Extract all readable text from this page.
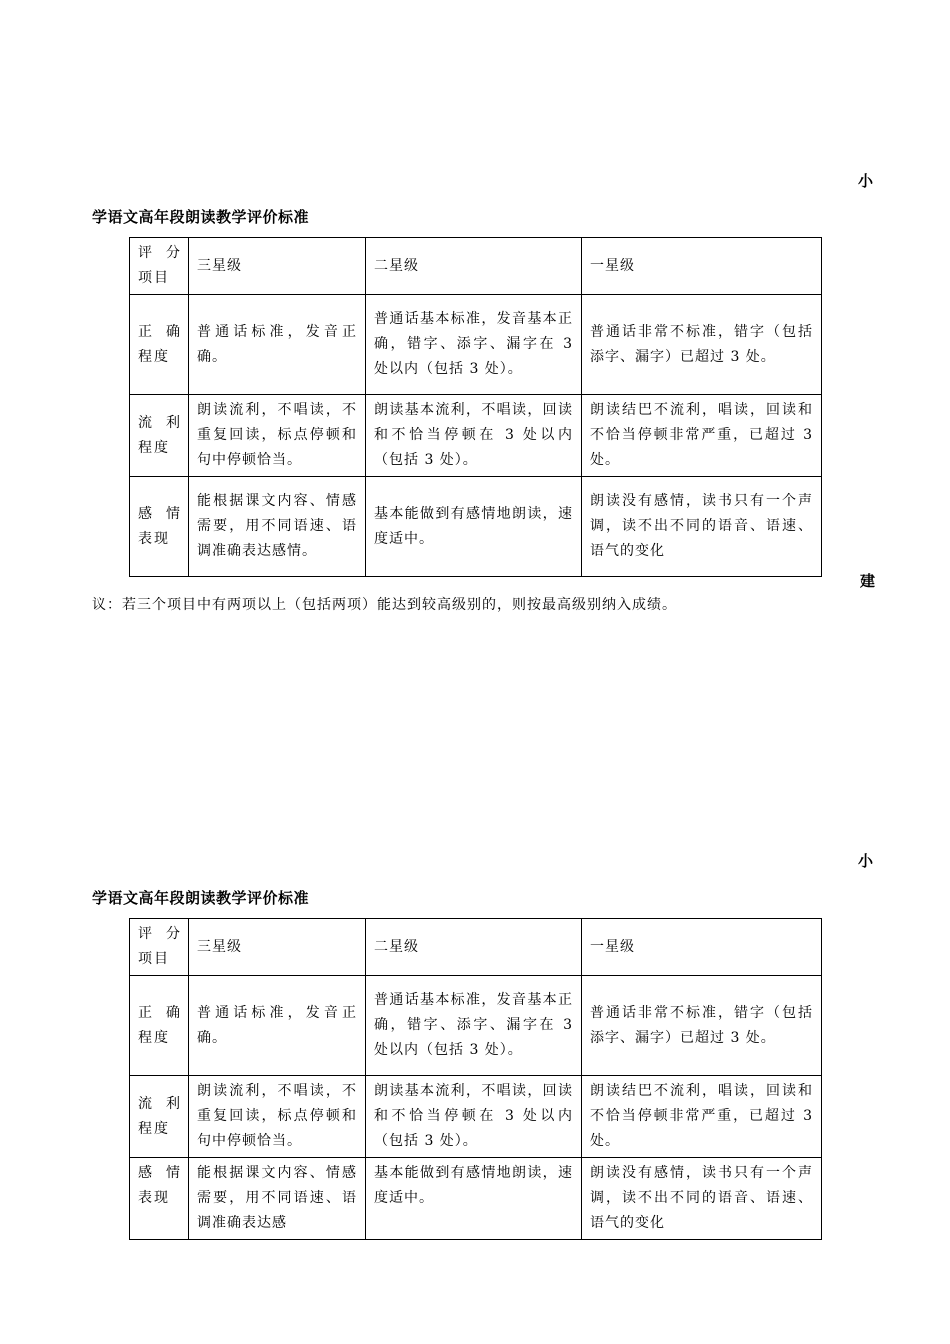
小
学语文高年段朗读教学评价标准
评 分 项目	三星级	二星级	一星级
正 确 程度	普通话标准，发音正确。	普通话基本标准，发音基本正确，错字、添字、漏字在 3 处以内（包括 3 处）。	普通话非常不标准，错字（包括添字、漏字）已超过 3 处。
流 利 程度	朗读流利，不唱读，不重复回读，标点停顿和句中停顿恰当。	朗读基本流利，不唱读，回读和不恰当停顿在 3 处以内（包括 3 处）。	朗读结巴不流利，唱读，回读和不恰当停顿非常严重，已超过 3 处。
感 情 表现	能根据课文内容、情感需要，用不同语速、语调准确表达感情。	基本能做到有感情地朗读，速度适中。	朗读没有感情，读书只有一个声调，读不出不同的语音、语速、语气的变化
建
议：若三个项目中有两项以上（包括两项）能达到较高级别的，则按最高级别纳入成绩。
小
学语文高年段朗读教学评价标准
评 分 项目	三星级	二星级	一星级
正 确 程度	普通话标准，发音正确。	普通话基本标准，发音基本正确，错字、添字、漏字在 3 处以内（包括 3 处）。	普通话非常不标准，错字（包括添字、漏字）已超过 3 处。
流 利 程度	朗读流利，不唱读，不重复回读，标点停顿和句中停顿恰当。	朗读基本流利，不唱读，回读和不恰当停顿在 3 处以内（包括 3 处）。	朗读结巴不流利，唱读，回读和不恰当停顿非常严重，已超过 3 处。
感 情 表现	能根据课文内容、情感需要，用不同语速、语调准确表达感	基本能做到有感情地朗读，速度适中。	朗读没有感情，读书只有一个声调，读不出不同的语音、语速、语气的变化
